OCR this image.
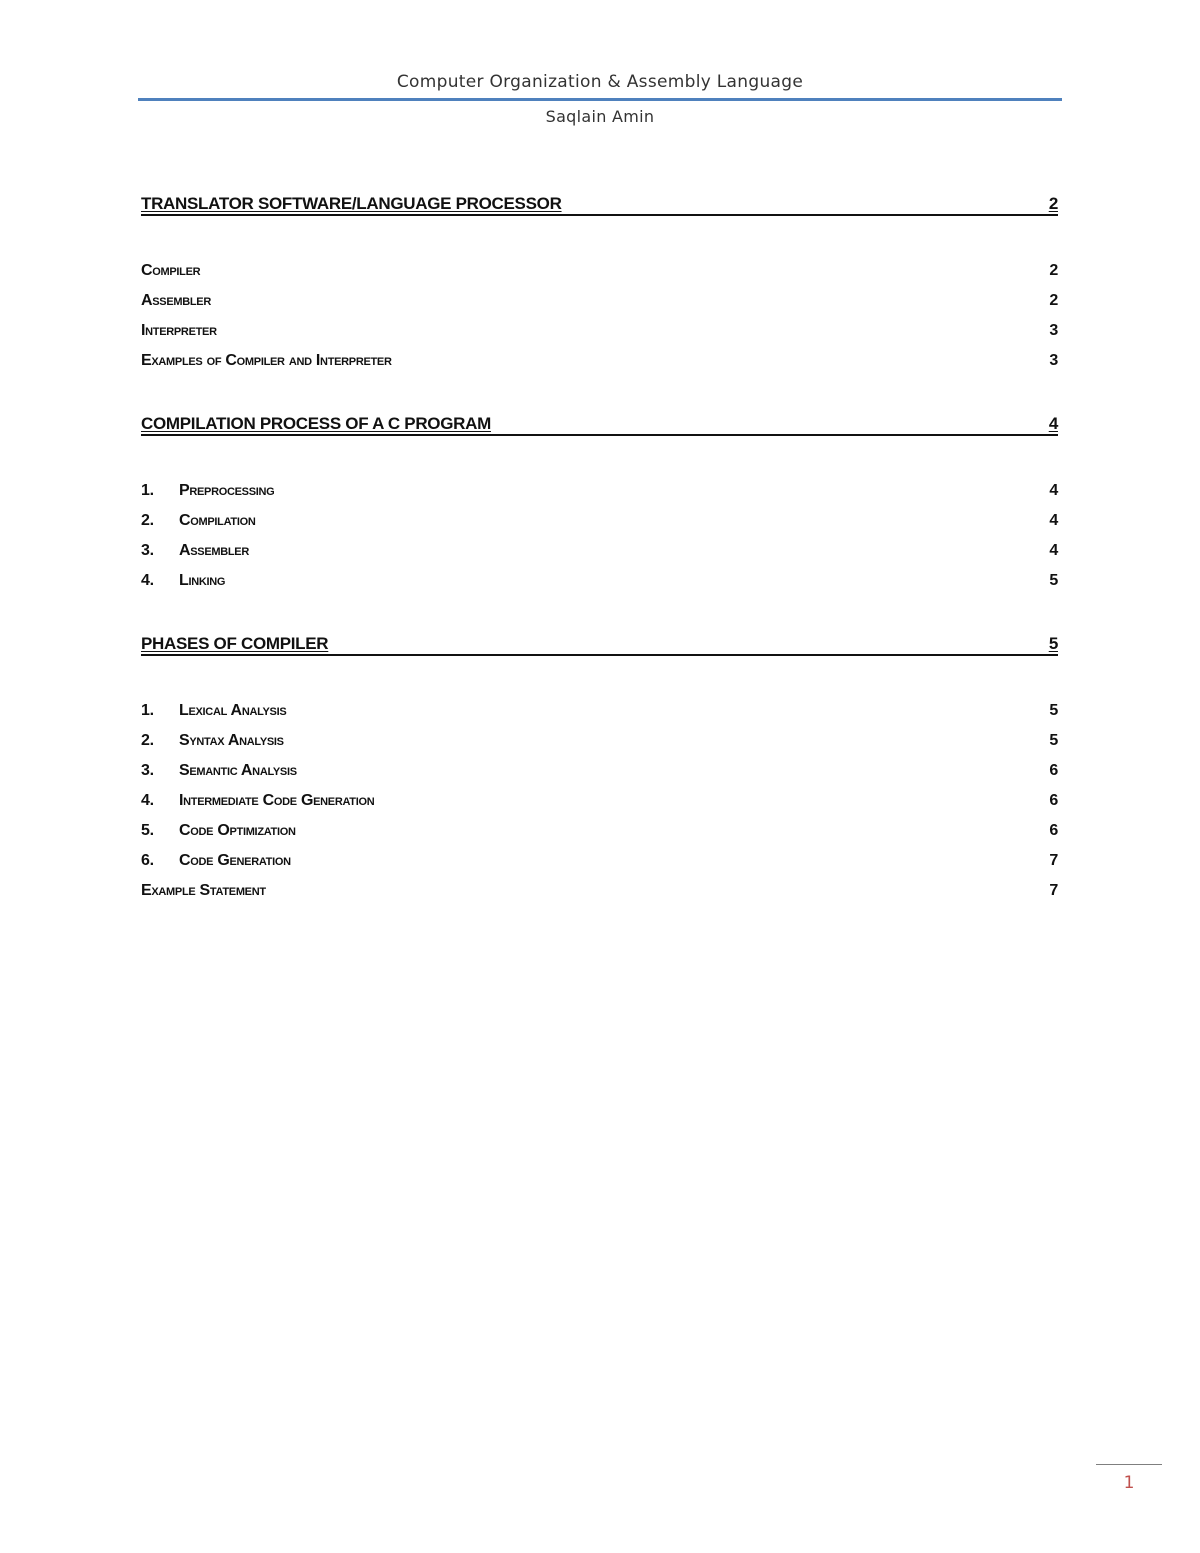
Computer Organization & Assembly Language
Saqlain Amin
TRANSLATOR SOFTWARE/LANGUAGE PROCESSOR	2
Compiler	2
Assembler	2
Interpreter	3
Examples of Compiler and Interpreter	3
COMPILATION PROCESS OF A C PROGRAM	4
1.	Preprocessing	4
2.	Compilation	4
3.	Assembler	4
4.	Linking	5
PHASES OF COMPILER	5
1.	Lexical Analysis	5
2.	Syntax Analysis	5
3.	Semantic Analysis	6
4.	Intermediate Code Generation	6
5.	Code Optimization	6
6.	Code Generation	7
Example Statement	7
1
